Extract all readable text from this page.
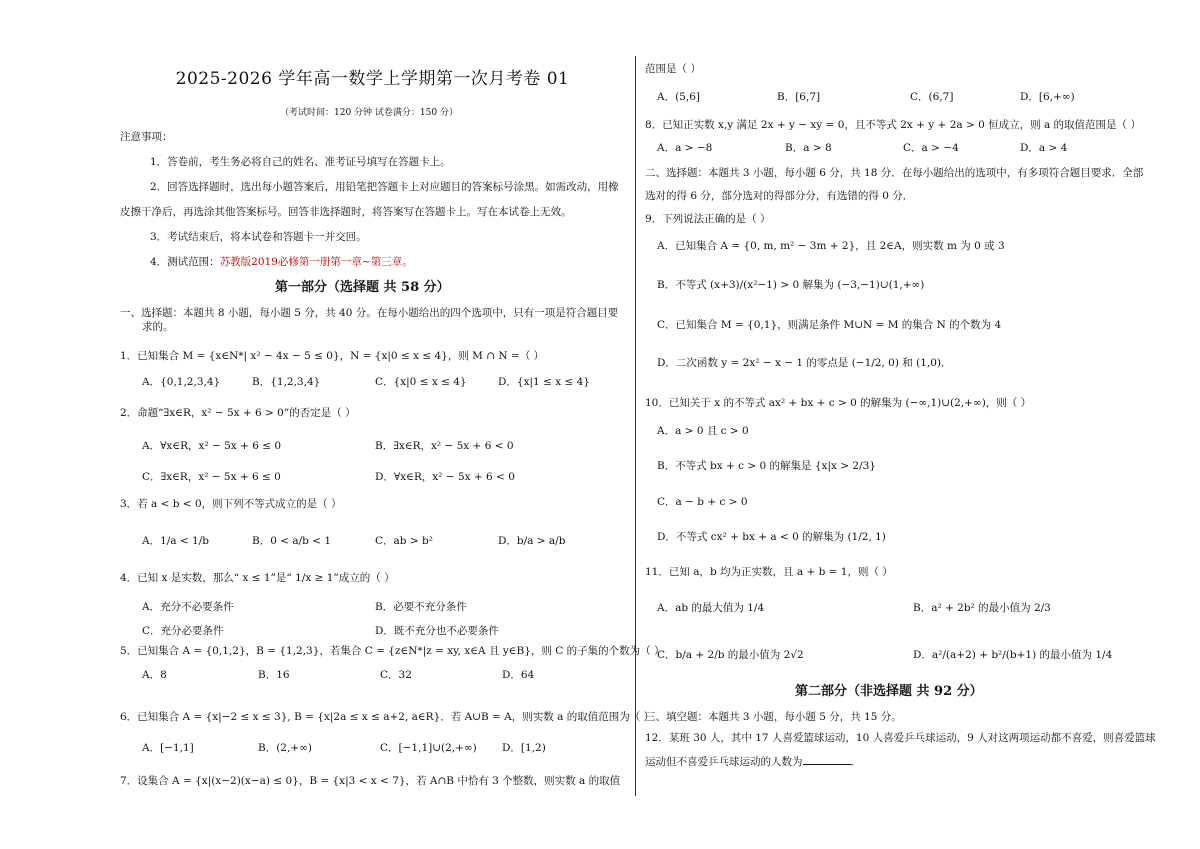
2025-2026 学年高一数学上学期第一次月考卷 01
（考试时间：120 分钟 试卷满分：150 分）
注意事项：
1．答卷前，考生务必将自己的姓名、准考证号填写在答题卡上。
2．回答选择题时，选出每小题答案后，用铅笔把答题卡上对应题目的答案标号涂黑。如需改动，用橡
皮擦干净后，再选涂其他答案标号。回答非选择题时，将答案写在答题卡上。写在本试卷上无效。
3．考试结束后，将本试卷和答题卡一并交回。
4．测试范围：苏教版2019必修第一册第一章~第三章。
第一部分（选择题 共 58 分）
一、选择题：本题共 8 小题，每小题 5 分，共 40 分。在每小题给出的四个选项中，只有一项是符合题目要
求的。
1．已知集合 M = {x∈N*| x² − 4x − 5 ≤ 0}，N = {x|0 ≤ x ≤ 4}，则 M ∩ N =（ ）
A．{0,1,2,3,4}	B．{1,2,3,4}	C．{x|0 ≤ x ≤ 4}	D．{x|1 ≤ x ≤ 4}
2．命题“∃x∈R，x² − 5x + 6 > 0”的否定是（ ）
A．∀x∈R，x² − 5x + 6 ≤ 0	B．∃x∈R，x² − 5x + 6 < 0
C．∃x∈R，x² − 5x + 6 ≤ 0	D．∀x∈R，x² − 5x + 6 < 0
3．若 a < b < 0，则下列不等式成立的是（ ）
A．1/a < 1/b	B．0 < a/b < 1	C．ab > b²	D．b/a > a/b
4．已知 x 是实数，那么“ x ≤ 1”是“ 1/x ≥ 1”成立的（ ）
A．充分不必要条件	B．必要不充分条件
C．充分必要条件	D．既不充分也不必要条件
5．已知集合 A = {0,1,2}，B = {1,2,3}，若集合 C = {z∈N*|z = xy, x∈A 且 y∈B}，则 C 的子集的个数为（ ）
A．8	B．16	C．32	D．64
6．已知集合 A = {x|−2 ≤ x ≤ 3}, B = {x|2a ≤ x ≤ a+2, a∈R}．若 A∪B = A，则实数 a 的取值范围为（ ）
A．[−1,1]	B．(2,+∞)	C．[−1,1]∪(2,+∞) D．[1,2)
7．设集合 A = {x|(x−2)(x−a) ≤ 0}，B = {x|3 < x < 7}，若 A∩B 中恰有 3 个整数，则实数 a 的取值
范围是（ ）
A．(5,6]	B．[6,7]	C．(6,7]	D．[6,+∞)
8．已知正实数 x,y 满足 2x + y − xy = 0，且不等式 2x + y + 2a > 0 恒成立，则 a 的取值范围是（ ）
A．a > −8	B．a > 8	C．a > −4	D．a > 4
二、选择题：本题共 3 小题，每小题 6 分，共 18 分．在每小题给出的选项中，有多项符合题目要求．全部
选对的得 6 分，部分选对的得部分分，有选错的得 0 分．
9．下列说法正确的是（ ）
A．已知集合 A = {0, m, m² − 3m + 2}，且 2∈A，则实数 m 为 0 或 3
B．不等式 (x+3)/(x²−1) > 0 解集为 (−3,−1)∪(1,+∞)
C．已知集合 M = {0,1}，则满足条件 M∪N = M 的集合 N 的个数为 4
D．二次函数 y = 2x² − x − 1 的零点是 (−1/2, 0) 和 (1,0)．
10．已知关于 x 的不等式 ax² + bx + c > 0 的解集为 (−∞,1)∪(2,+∞)，则（ ）
A．a > 0 且 c > 0
B．不等式 bx + c > 0 的解集是 {x|x > 2/3}
C．a − b + c > 0
D．不等式 cx² + bx + a < 0 的解集为 (1/2, 1)
11．已知 a，b 均为正实数，且 a + b = 1，则（ ）
A．ab 的最大值为 1/4	B．a² + 2b² 的最小值为 2/3
C．b/a + 2/b 的最小值为 2√2	D．a²/(a+2) + b²/(b+1) 的最小值为 1/4
第二部分（非选择题 共 92 分）
三、填空题：本题共 3 小题，每小题 5 分，共 15 分。
12．某班 30 人，其中 17 人喜爱篮球运动，10 人喜爱乒乓球运动，9 人对这两项运动都不喜爱，则喜爱篮球
运动但不喜爱乒乓球运动的人数为	．
